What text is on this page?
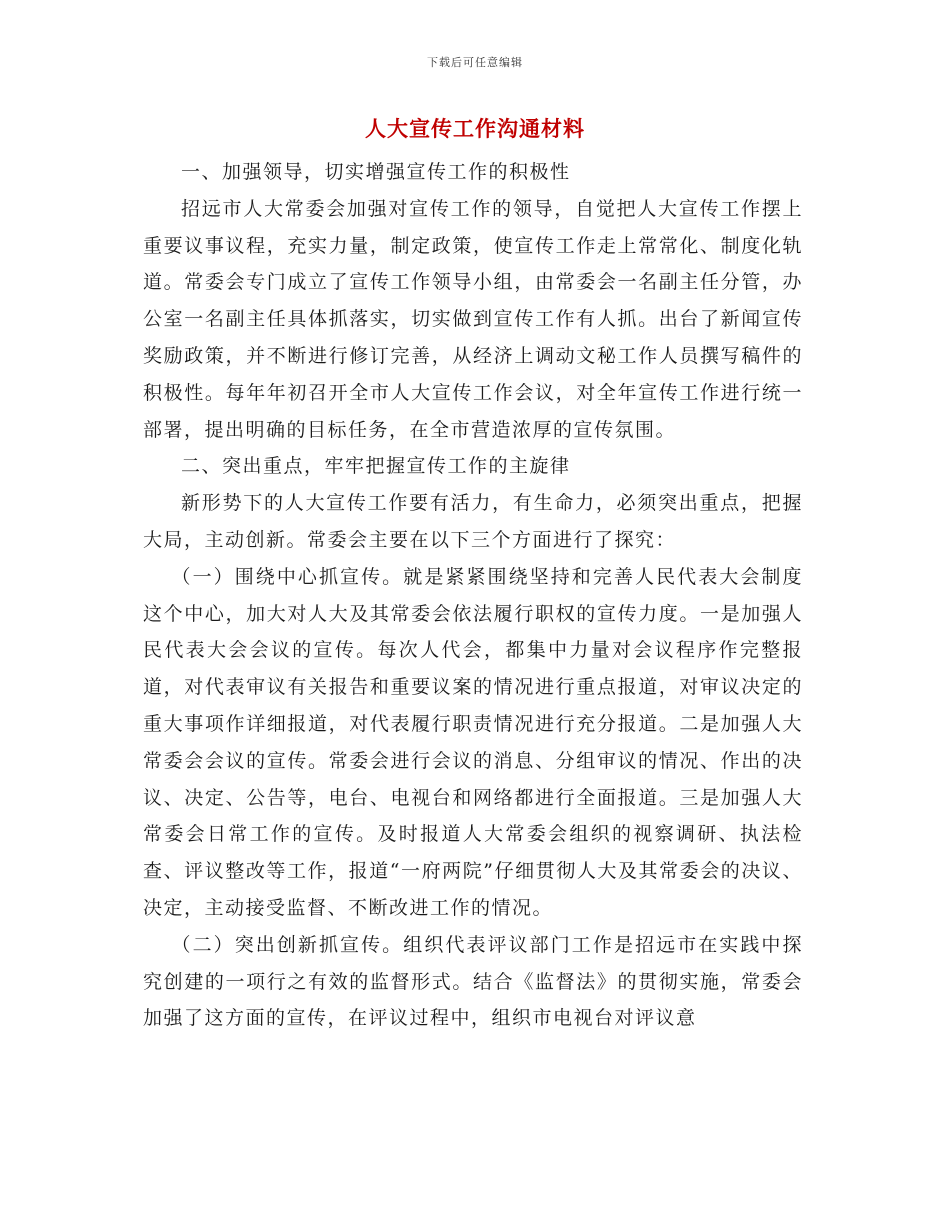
下载后可任意编辑
人大宣传工作沟通材料

一、加强领导，切实增强宣传工作的积极性

招远市人大常委会加强对宣传工作的领导，自觉把人大宣传工作摆上重要议事议程，充实力量，制定政策，使宣传工作走上常常化、制度化轨道。常委会专门成立了宣传工作领导小组，由常委会一名副主任分管，办公室一名副主任具体抓落实，切实做到宣传工作有人抓。出台了新闻宣传奖励政策，并不断进行修订完善，从经济上调动文秘工作人员撰写稿件的积极性。每年年初召开全市人大宣传工作会议，对全年宣传工作进行统一部署，提出明确的目标任务，在全市营造浓厚的宣传氛围。

二、突出重点，牢牢把握宣传工作的主旋律

新形势下的人大宣传工作要有活力，有生命力，必须突出重点，把握大局，主动创新。常委会主要在以下三个方面进行了探究：

（一）围绕中心抓宣传。就是紧紧围绕坚持和完善人民代表大会制度这个中心，加大对人大及其常委会依法履行职权的宣传力度。一是加强人民代表大会会议的宣传。每次人代会，都集中力量对会议程序作完整报道，对代表审议有关报告和重要议案的情况进行重点报道，对审议决定的重大事项作详细报道，对代表履行职责情况进行充分报道。二是加强人大常委会会议的宣传。常委会进行会议的消息、分组审议的情况、作出的决议、决定、公告等，电台、电视台和网络都进行全面报道。三是加强人大常委会日常工作的宣传。及时报道人大常委会组织的视察调研、执法检查、评议整改等工作，报道“一府两院”仔细贯彻人大及其常委会的决议、决定，主动接受监督、不断改进工作的情况。

（二）突出创新抓宣传。组织代表评议部门工作是招远市在实践中探究创建的一项行之有效的监督形式。结合《监督法》的贯彻实施，常委会加强了这方面的宣传，在评议过程中，组织市电视台对评议意
